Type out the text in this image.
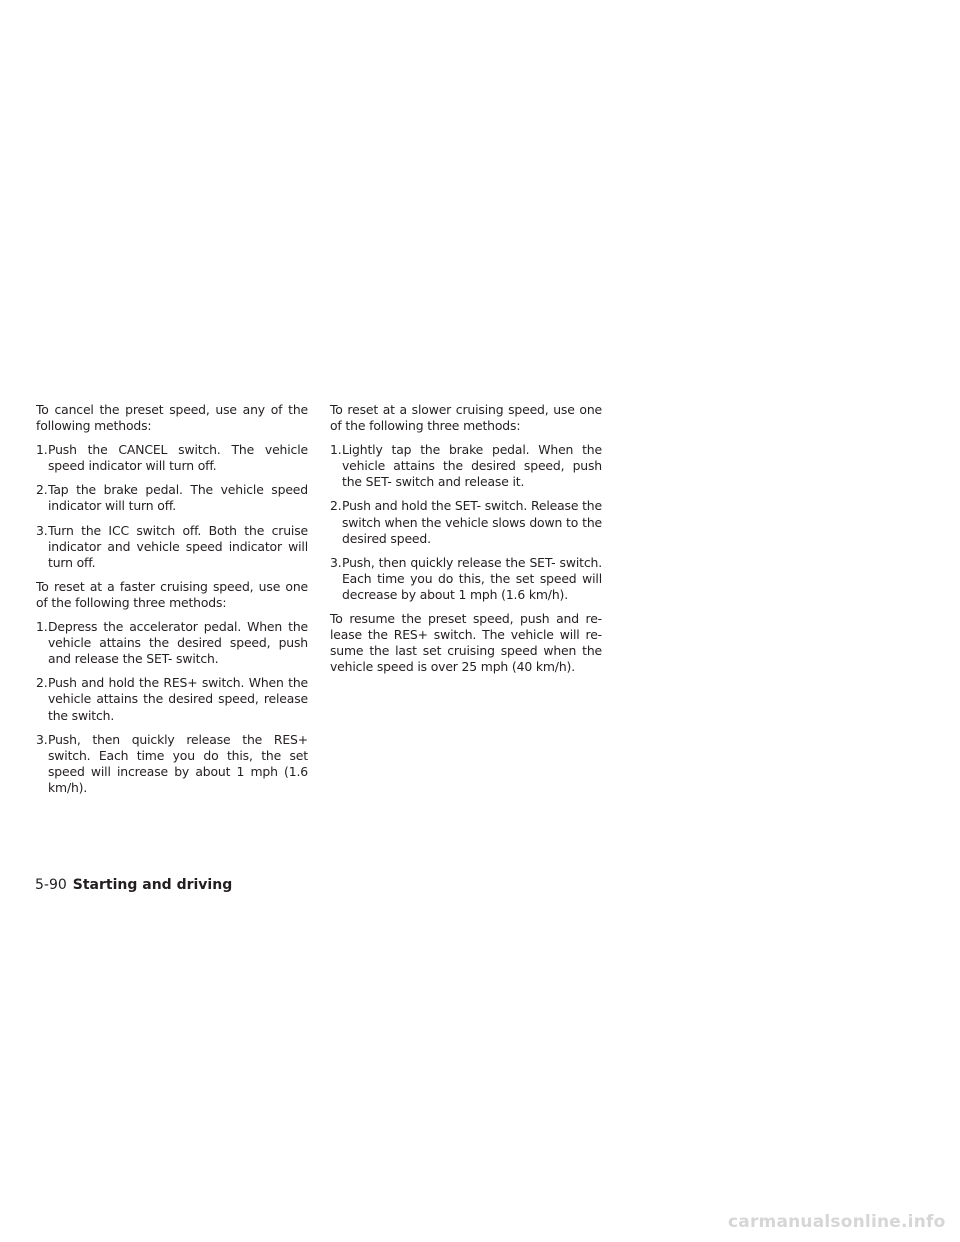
To cancel the preset speed, use any of the following methods:

1. Push the CANCEL switch. The vehicle speed indicator will turn off.
2. Tap the brake pedal. The vehicle speed indicator will turn off.
3. Turn the ICC switch off. Both the cruise indicator and vehicle speed indicator will turn off.

To reset at a faster cruising speed, use one of the following three methods:

1. Depress the accelerator pedal. When the vehicle attains the desired speed, push and release the SET- switch.
2. Push and hold the RES+ switch. When the vehicle attains the desired speed, release the switch.
3. Push, then quickly release the RES+ switch. Each time you do this, the set speed will increase by about 1 mph (1.6 km/h).

To reset at a slower cruising speed, use one of the following three methods:

1. Lightly tap the brake pedal. When the vehicle attains the desired speed, push the SET- switch and release it.
2. Push and hold the SET- switch. Release the switch when the vehicle slows down to the desired speed.
3. Push, then quickly release the SET- switch. Each time you do this, the set speed will decrease by about 1 mph (1.6 km/h).

To resume the preset speed, push and re-lease the RES+ switch. The vehicle will re-sume the last set cruising speed when the vehicle speed is over 25 mph (40 km/h).

5-90 Starting and driving
carmanualsonline.info
